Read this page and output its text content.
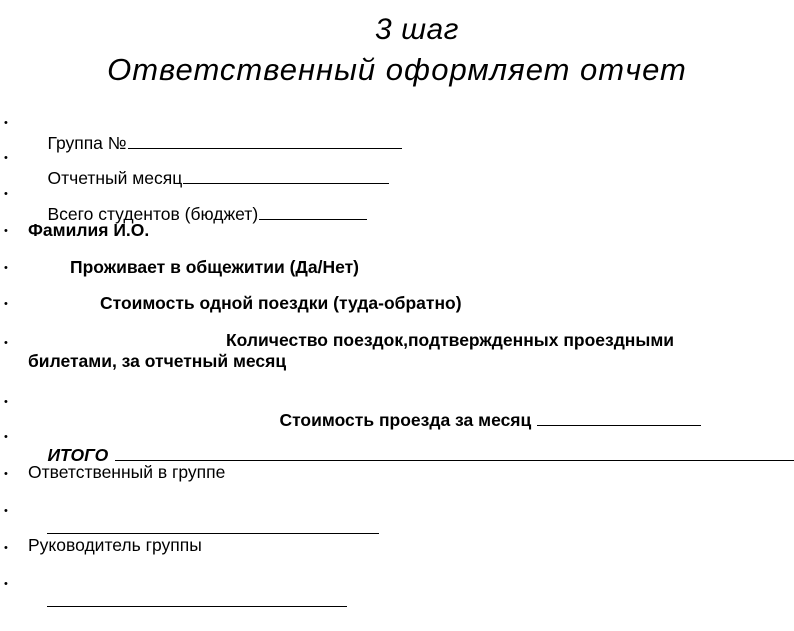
3 шаг
Ответственный оформляет отчет
•

Группа №

•

Отчетный месяц

•

Всего студентов (бюджет)

• Фамилия И.О.
•	Проживает в общежитии (Да/Нет)
•	Стоимость одной поездки (туда-обратно)
•	Количество поездок,подтвержденных проездными
билетами, за отчетный месяц
•

Стоимость проезда за месяц

•

ИТОГО

• Ответственный в группе
•

• Руководитель группы
•
